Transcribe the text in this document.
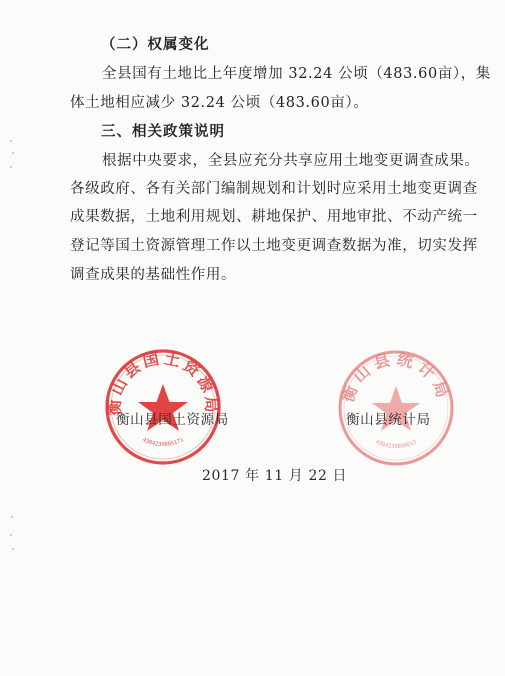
（二）权属变化
全县国有土地比上年度增加 32.24 公顷（483.60亩），集
体土地相应减少 32.24 公顷（483.60亩）。
三、相关政策说明
根据中央要求，全县应充分共享应用土地变更调查成果。
各级政府、各有关部门编制规划和计划时应采用土地变更调查
成果数据，土地利用规划、耕地保护、用地审批、不动产统一
登记等国土资源管理工作以土地变更调查数据为准，切实发挥
调查成果的基础性作用。
衡山县国土资源局
4304230005171
衡山县统计局
4304230000013
衡山县国土资源局	衡山县统计局
2017 年 11 月 22 日
